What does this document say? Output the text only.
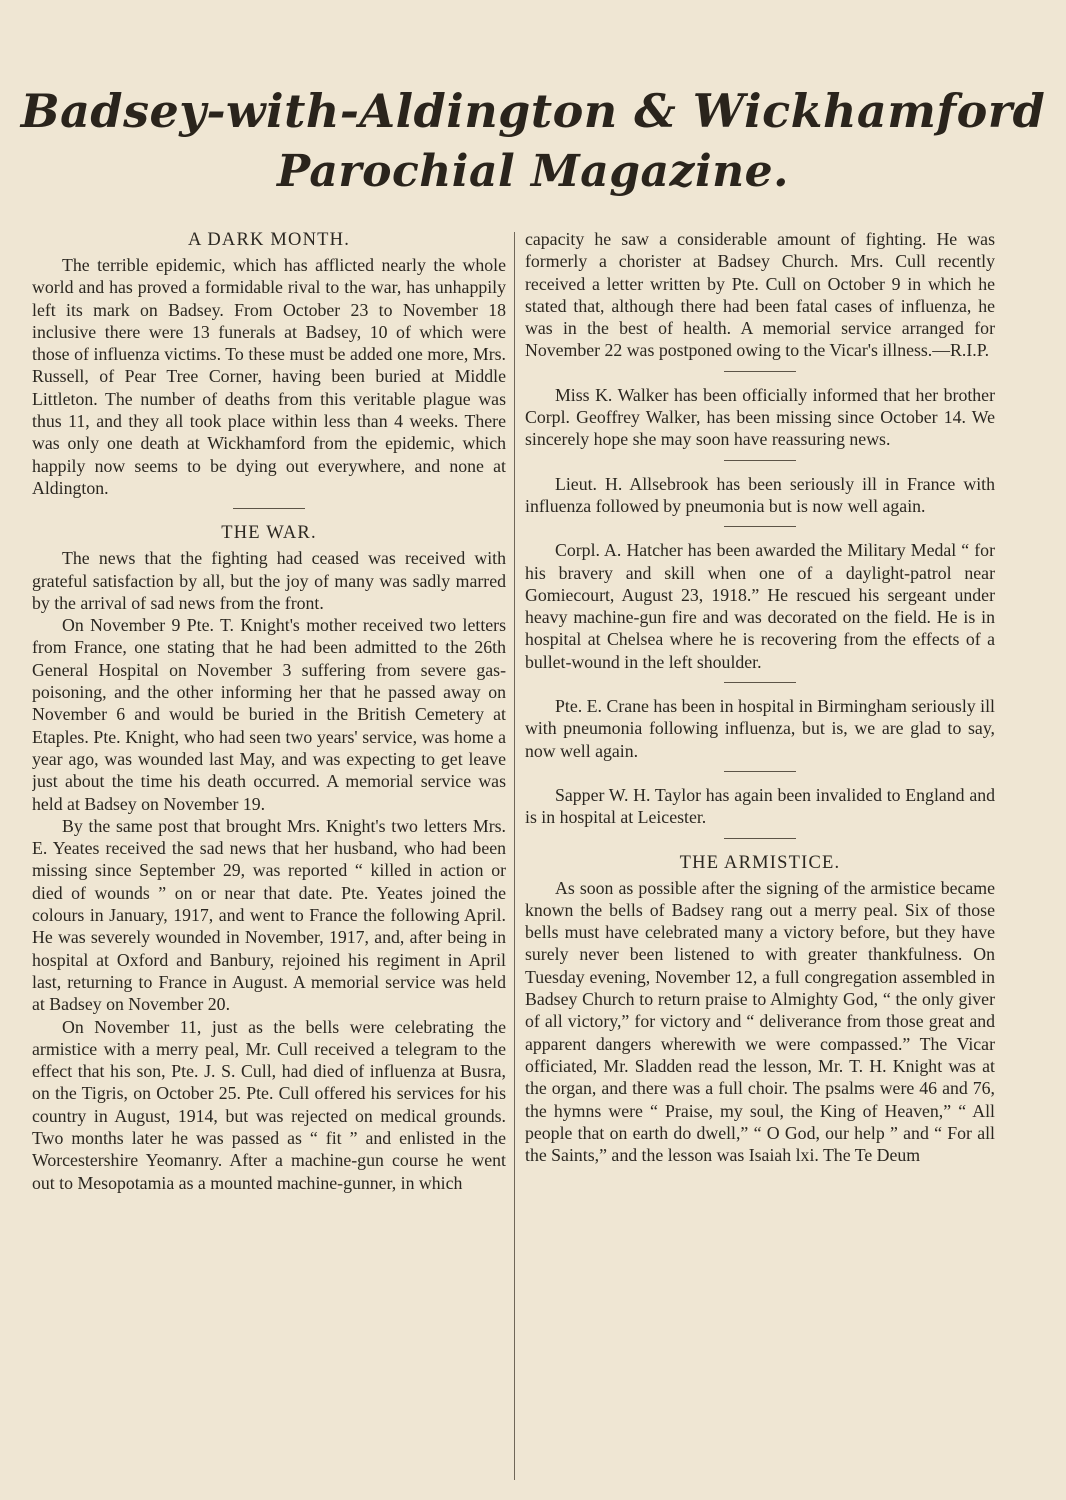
Badsey-with-Aldington & Wickhamford
Parochial Magazine.
A DARK MONTH.

The terrible epidemic, which has afflicted nearly the whole world and has proved a formidable rival to the war, has unhappily left its mark on Badsey. From October 23 to November 18 inclusive there were 13 funerals at Badsey, 10 of which were those of influenza victims. To these must be added one more, Mrs. Russell, of Pear Tree Corner, having been buried at Middle Littleton. The number of deaths from this veritable plague was thus 11, and they all took place within less than 4 weeks. There was only one death at Wickhamford from the epidemic, which happily now seems to be dying out everywhere, and none at Aldington.

THE WAR.

The news that the fighting had ceased was received with grateful satisfaction by all, but the joy of many was sadly marred by the arrival of sad news from the front.

On November 9 Pte. T. Knight's mother received two letters from France, one stating that he had been admitted to the 26th General Hospital on November 3 suffering from severe gas-poisoning, and the other informing her that he passed away on November 6 and would be buried in the British Cemetery at Etaples. Pte. Knight, who had seen two years' service, was home a year ago, was wounded last May, and was expecting to get leave just about the time his death occurred. A memorial service was held at Badsey on November 19.

By the same post that brought Mrs. Knight's two letters Mrs. E. Yeates received the sad news that her husband, who had been missing since September 29, was reported “ killed in action or died of wounds ” on or near that date. Pte. Yeates joined the colours in January, 1917, and went to France the following April. He was severely wounded in November, 1917, and, after being in hospital at Oxford and Banbury, rejoined his regiment in April last, returning to France in August. A memorial service was held at Badsey on November 20.

On November 11, just as the bells were celebrating the armistice with a merry peal, Mr. Cull received a telegram to the effect that his son, Pte. J. S. Cull, had died of influenza at Busra, on the Tigris, on October 25. Pte. Cull offered his services for his country in August, 1914, but was rejected on medical grounds. Two months later he was passed as “ fit ” and enlisted in the Worcestershire Yeomanry. After a machine-gun course he went out to Mesopotamia as a mounted machine-gunner, in which

capacity he saw a considerable amount of fighting. He was formerly a chorister at Badsey Church. Mrs. Cull recently received a letter written by Pte. Cull on October 9 in which he stated that, although there had been fatal cases of influenza, he was in the best of health. A memorial service arranged for November 22 was postponed owing to the Vicar's illness.—R.I.P.

Miss K. Walker has been officially informed that her brother Corpl. Geoffrey Walker, has been missing since October 14. We sincerely hope she may soon have reassuring news.

Lieut. H. Allsebrook has been seriously ill in France with influenza followed by pneumonia but is now well again.

Corpl. A. Hatcher has been awarded the Military Medal “ for his bravery and skill when one of a daylight-patrol near Gomiecourt, August 23, 1918.” He rescued his sergeant under heavy machine-gun fire and was decorated on the field. He is in hospital at Chelsea where he is recovering from the effects of a bullet-wound in the left shoulder.

Pte. E. Crane has been in hospital in Birmingham seriously ill with pneumonia following influenza, but is, we are glad to say, now well again.

Sapper W. H. Taylor has again been invalided to England and is in hospital at Leicester.

THE ARMISTICE.

As soon as possible after the signing of the armistice became known the bells of Badsey rang out a merry peal. Six of those bells must have celebrated many a victory before, but they have surely never been listened to with greater thankfulness. On Tuesday evening, November 12, a full congregation assembled in Badsey Church to return praise to Almighty God, “ the only giver of all victory,” for victory and “ deliverance from those great and apparent dangers wherewith we were compassed.” The Vicar officiated, Mr. Sladden read the lesson, Mr. T. H. Knight was at the organ, and there was a full choir. The psalms were 46 and 76, the hymns were “ Praise, my soul, the King of Heaven,” “ All people that on earth do dwell,” “ O God, our help ” and “ For all the Saints,” and the lesson was Isaiah lxi. The Te Deum
